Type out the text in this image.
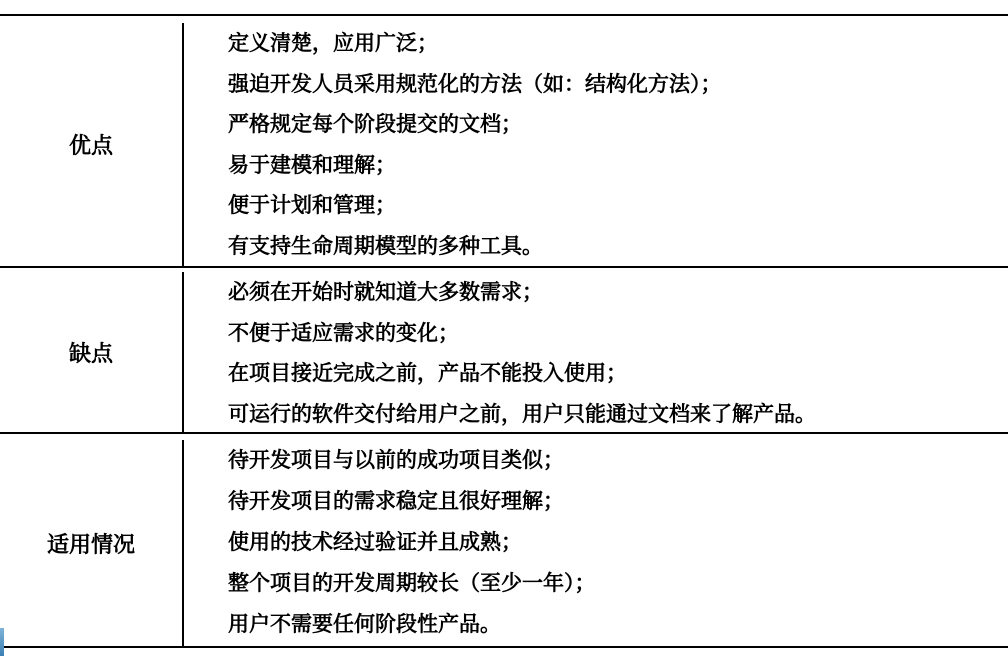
优点
定义清楚，应用广泛；
强迫开发人员采用规范化的方法（如：结构化方法）；
严格规定每个阶段提交的文档；
易于建模和理解；
便于计划和管理；
有支持生命周期模型的多种工具。
缺点
必须在开始时就知道大多数需求；
不便于适应需求的变化；
在项目接近完成之前，产品不能投入使用；
可运行的软件交付给用户之前，用户只能通过文档来了解产品。
适用情况
待开发项目与以前的成功项目类似；
待开发项目的需求稳定且很好理解；
使用的技术经过验证并且成熟；
整个项目的开发周期较长（至少一年）；
用户不需要任何阶段性产品。
